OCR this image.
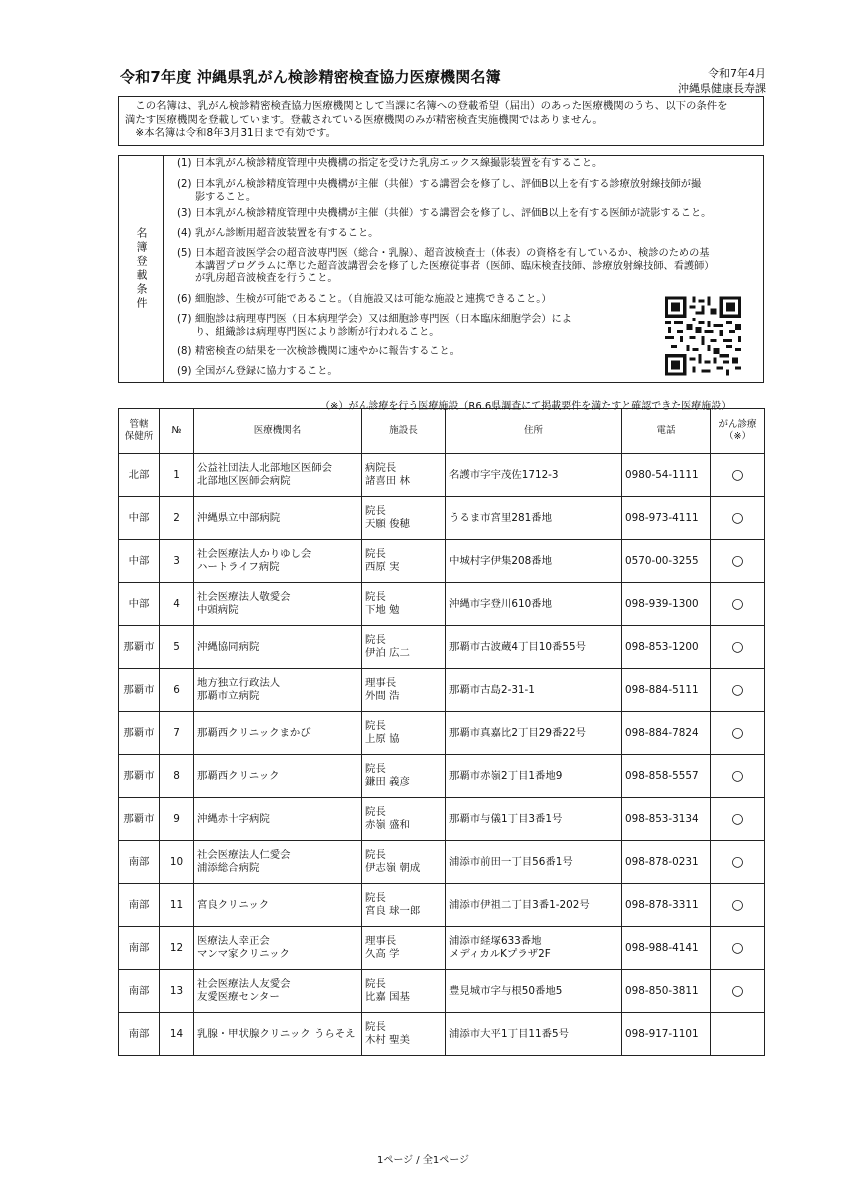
令和7年度 沖縄県乳がん検診精密検査協力医療機関名簿	令和7年4月
沖縄県健康長寿課
　この名簿は、乳がん検診精密検査協力医療機関として当課に名簿への登載希望（届出）のあった医療機関のうち、以下の条件を
満たす医療機関を登載しています。登載されている医療機関のみが精密検査実施機関ではありません。
　※本名簿は令和8年3月31日まで有効です。
名簿登載条件
(1) 日本乳がん検診精度管理中央機構の指定を受けた乳房エックス線撮影装置を有すること。
(2) 日本乳がん検診精度管理中央機構が主催（共催）する講習会を修了し、評価B以上を有する診療放射線技師が撮
影すること。
(3) 日本乳がん検診精度管理中央機構が主催（共催）する講習会を修了し、評価B以上を有する医師が読影すること。
(4) 乳がん診断用超音波装置を有すること。
(5) 日本超音波医学会の超音波専門医（総合・乳腺）、超音波検査士（体表）の資格を有しているか、検診のための基
本講習プログラムに準じた超音波講習会を修了した医療従事者（医師、臨床検査技師、診療放射線技師、看護師）
が乳房超音波検査を行うこと。
(6) 細胞診、生検が可能であること。（自施設又は可能な施設と連携できること。）
(7) 細胞診は病理専門医（日本病理学会）又は細胞診専門医（日本臨床細胞学会）によ
り、組織診は病理専門医により診断が行われること。
(8) 精密検査の結果を一次検診機関に速やかに報告すること。
(9) 全国がん登録に協力すること。
（※）がん診療を行う医療施設（R6.6県調査にて掲載要件を満たすと確認できた医療施設）
管轄
保健所	№	医療機関名	施設長	住所	電話	がん診療
（※）
北部	1	公益社団法人北部地区医師会
北部地区医師会病院	病院長
諸喜田 林	名護市字宇茂佐1712-3	0980-54-1111	○
中部	2	沖縄県立中部病院	院長
天願 俊穂	うるま市宮里281番地	098-973-4111	○
中部	3	社会医療法人かりゆし会
ハートライフ病院	院長
西原 実	中城村字伊集208番地	0570-00-3255	○
中部	4	社会医療法人敬愛会
中頭病院	院長
下地 勉	沖縄市字登川610番地	098-939-1300	○
那覇市	5	沖縄協同病院	院長
伊泊 広二	那覇市古波蔵4丁目10番55号	098-853-1200	○
那覇市	6	地方独立行政法人
那覇市立病院	理事長
外間 浩	那覇市古島2-31-1	098-884-5111	○
那覇市	7	那覇西クリニックまかび	院長
上原 協	那覇市真嘉比2丁目29番22号	098-884-7824	○
那覇市	8	那覇西クリニック	院長
鎌田 義彦	那覇市赤嶺2丁目1番地9	098-858-5557	○
那覇市	9	沖縄赤十字病院	院長
赤嶺 盛和	那覇市与儀1丁目3番1号	098-853-3134	○
南部	10	社会医療法人仁愛会
浦添総合病院	院長
伊志嶺 朝成	浦添市前田一丁目56番1号	098-878-0231	○
南部	11	宮良クリニック	院長
宮良 球一郎	浦添市伊祖二丁目3番1-202号	098-878-3311	○
南部	12	医療法人幸正会
マンマ家クリニック	理事長
久高 学	浦添市経塚633番地
メディカルKプラザ2F	098-988-4141	○
南部	13	社会医療法人友愛会
友愛医療センター	院長
比嘉 国基	豊見城市字与根50番地5	098-850-3811	○
南部	14	乳腺・甲状腺クリニック うらそえ	院長
木村 聖美	浦添市大平1丁目11番5号	098-917-1101	
1ページ / 全1ページ
